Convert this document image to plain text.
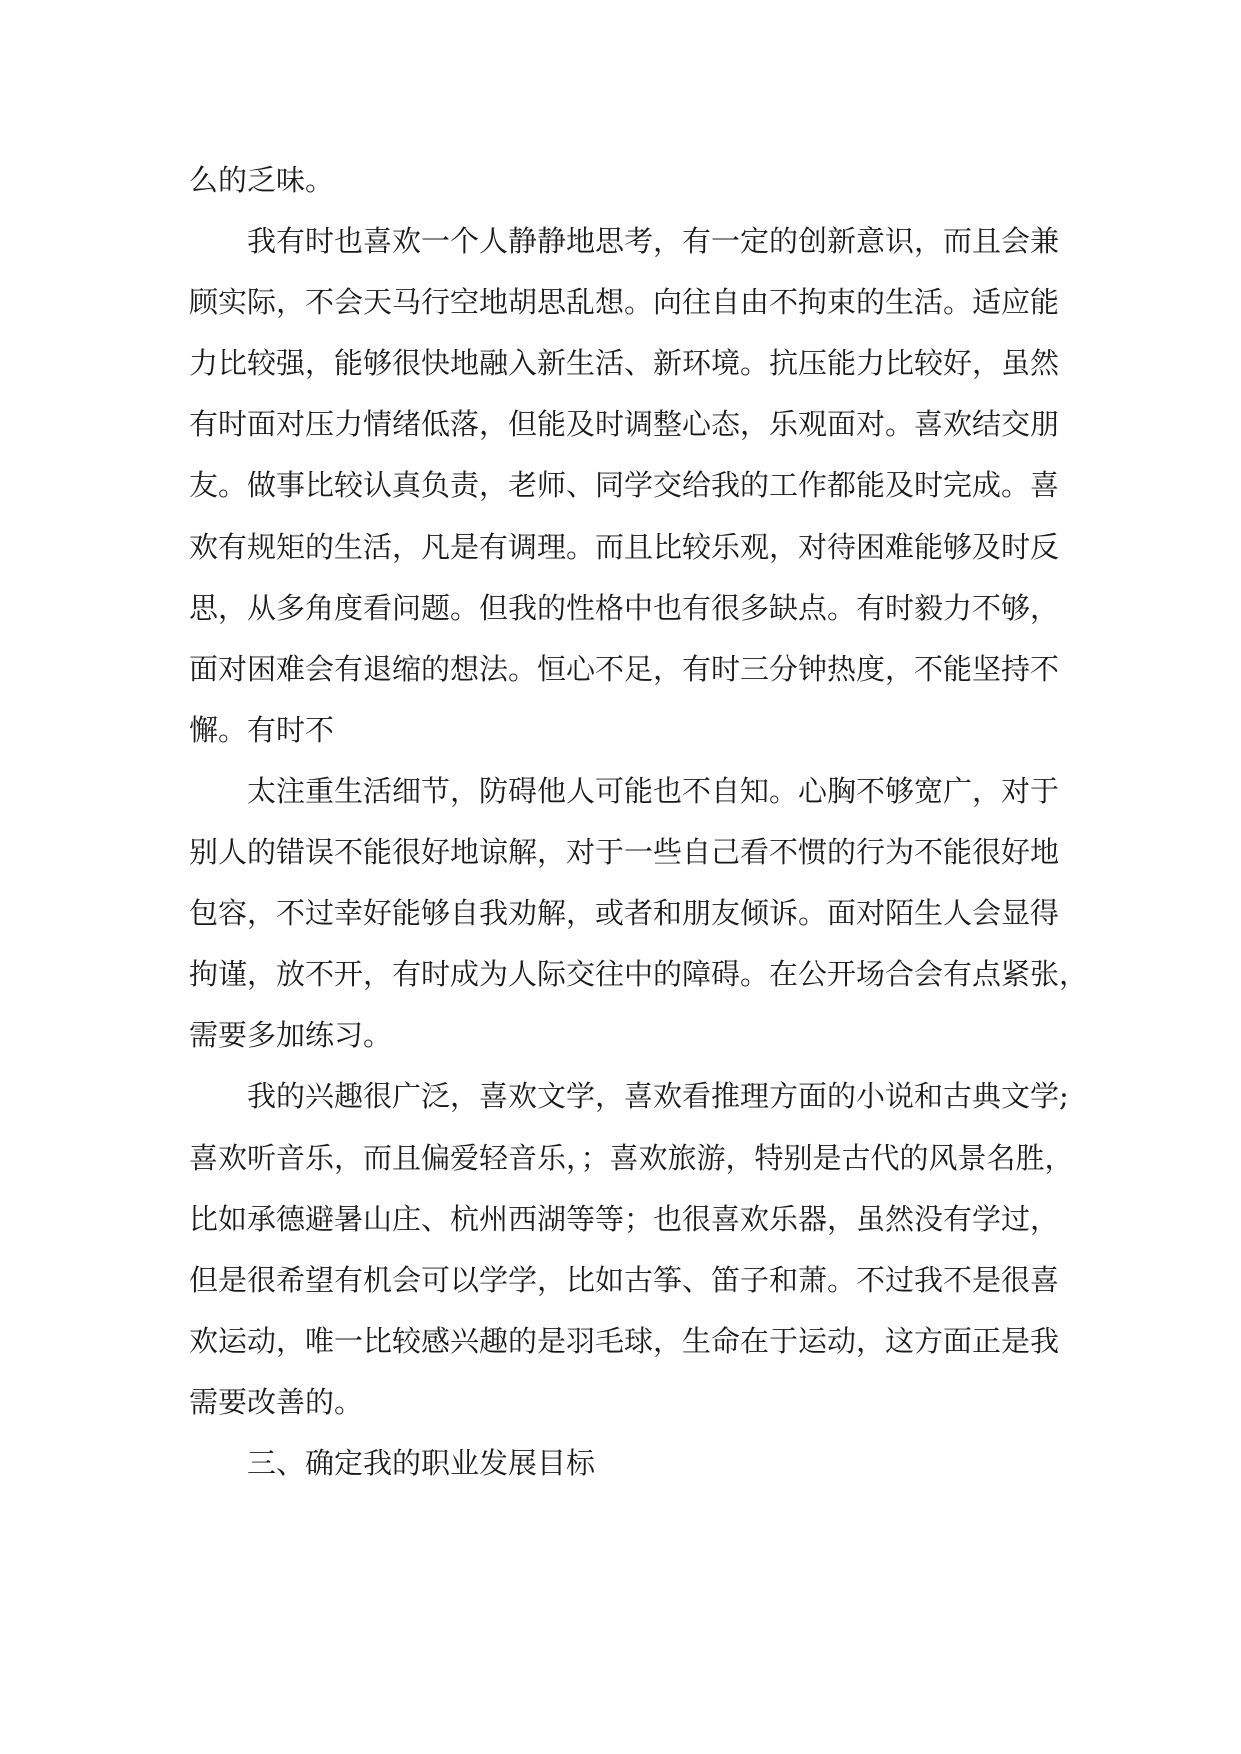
么的乏味。
我有时也喜欢一个人静静地思考，有一定的创新意识，而且会兼
顾实际，不会天马行空地胡思乱想。向往自由不拘束的生活。适应能
力比较强，能够很快地融入新生活、新环境。抗压能力比较好，虽然
有时面对压力情绪低落，但能及时调整心态，乐观面对。喜欢结交朋
友。做事比较认真负责，老师、同学交给我的工作都能及时完成。喜
欢有规矩的生活，凡是有调理。而且比较乐观，对待困难能够及时反
思，从多角度看问题。但我的性格中也有很多缺点。有时毅力不够，
面对困难会有退缩的想法。恒心不足，有时三分钟热度，不能坚持不
懈。有时不
太注重生活细节，防碍他人可能也不自知。心胸不够宽广，对于
别人的错误不能很好地谅解，对于一些自己看不惯的行为不能很好地
包容，不过幸好能够自我劝解，或者和朋友倾诉。面对陌生人会显得
拘谨，放不开，有时成为人际交往中的障碍。在公开场合会有点紧张，
需要多加练习。
我的兴趣很广泛，喜欢文学，喜欢看推理方面的小说和古典文学;
喜欢听音乐，而且偏爱轻音乐，；喜欢旅游，特别是古代的风景名胜，
比如承德避暑山庄、杭州西湖等等；也很喜欢乐器，虽然没有学过，
但是很希望有机会可以学学，比如古筝、笛子和萧。不过我不是很喜
欢运动，唯一比较感兴趣的是羽毛球，生命在于运动，这方面正是我
需要改善的。
三、确定我的职业发展目标
